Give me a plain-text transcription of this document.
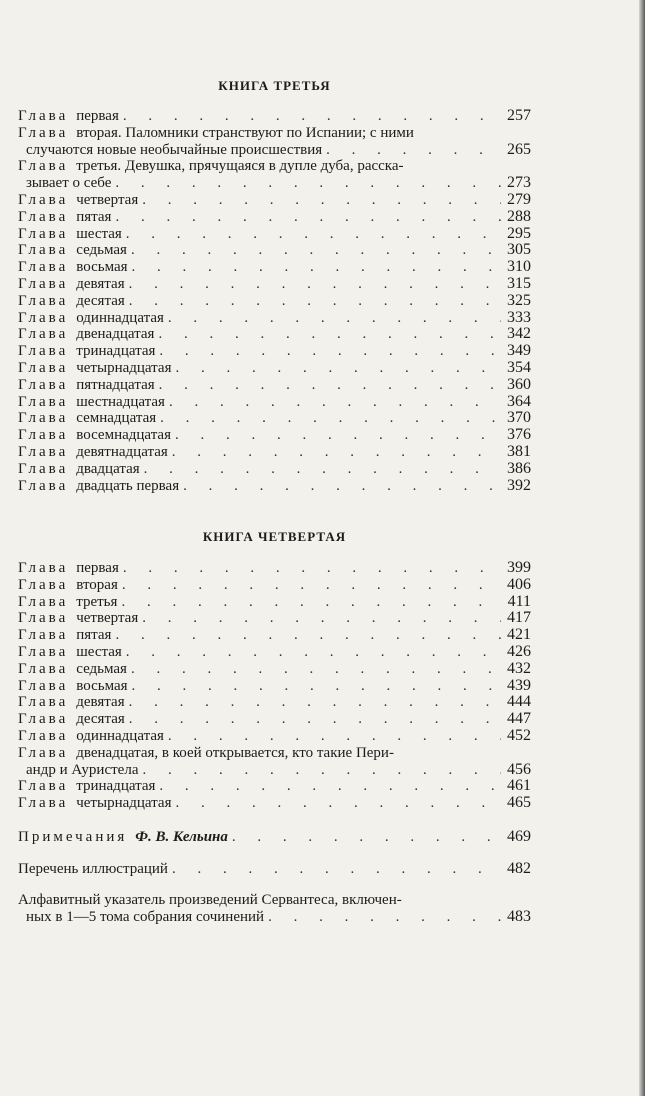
КНИГА ТРЕТЬЯ
Глава первая . . .	257
Глава вторая. Паломники странствуют по Испании; с ними
случаются новые необычайные происшествия . . .	265
Глава третья. Девушка, прячущаяся в дупле дуба, расска-
зывает о себе . . .	273
Глава четвертая . . .	279
Глава пятая . . .	288
Глава шестая . . .	295
Глава седьмая . . .	305
Глава восьмая . . .	310
Глава девятая . . .	315
Глава десятая . . .	325
Глава одиннадцатая . . .	333
Глава двенадцатая . . .	342
Глава тринадцатая . . .	349
Глава четырнадцатая . . .	354
Глава пятнадцатая . . .	360
Глава шестнадцатая . . .	364
Глава семнадцатая . . .	370
Глава восемнадцатая . . .	376
Глава девятнадцатая . . .	381
Глава двадцатая . . .	386
Глава двадцать первая . . .	392
КНИГА ЧЕТВЕРТАЯ
Глава первая . . .	399
Глава вторая . . .	406
Глава третья . . .	411
Глава четвертая . . .	417
Глава пятая . . .	421
Глава шестая . . .	426
Глава седьмая . . .	432
Глава восьмая . . .	439
Глава девятая . . .	444
Глава десятая . . .	447
Глава одиннадцатая . . .	452
Глава двенадцатая, в коей открывается, кто такие Пери-
андр и Ауристела . . .	456
Глава тринадцатая . . .	461
Глава четырнадцатая . . .	465
Примечания Ф. В. Кельина . . .	469
Перечень иллюстраций . . .	482
Алфавитный указатель произведений Сервантеса, включен-
ных в 1—5 тома собрания сочинений . . .	483
